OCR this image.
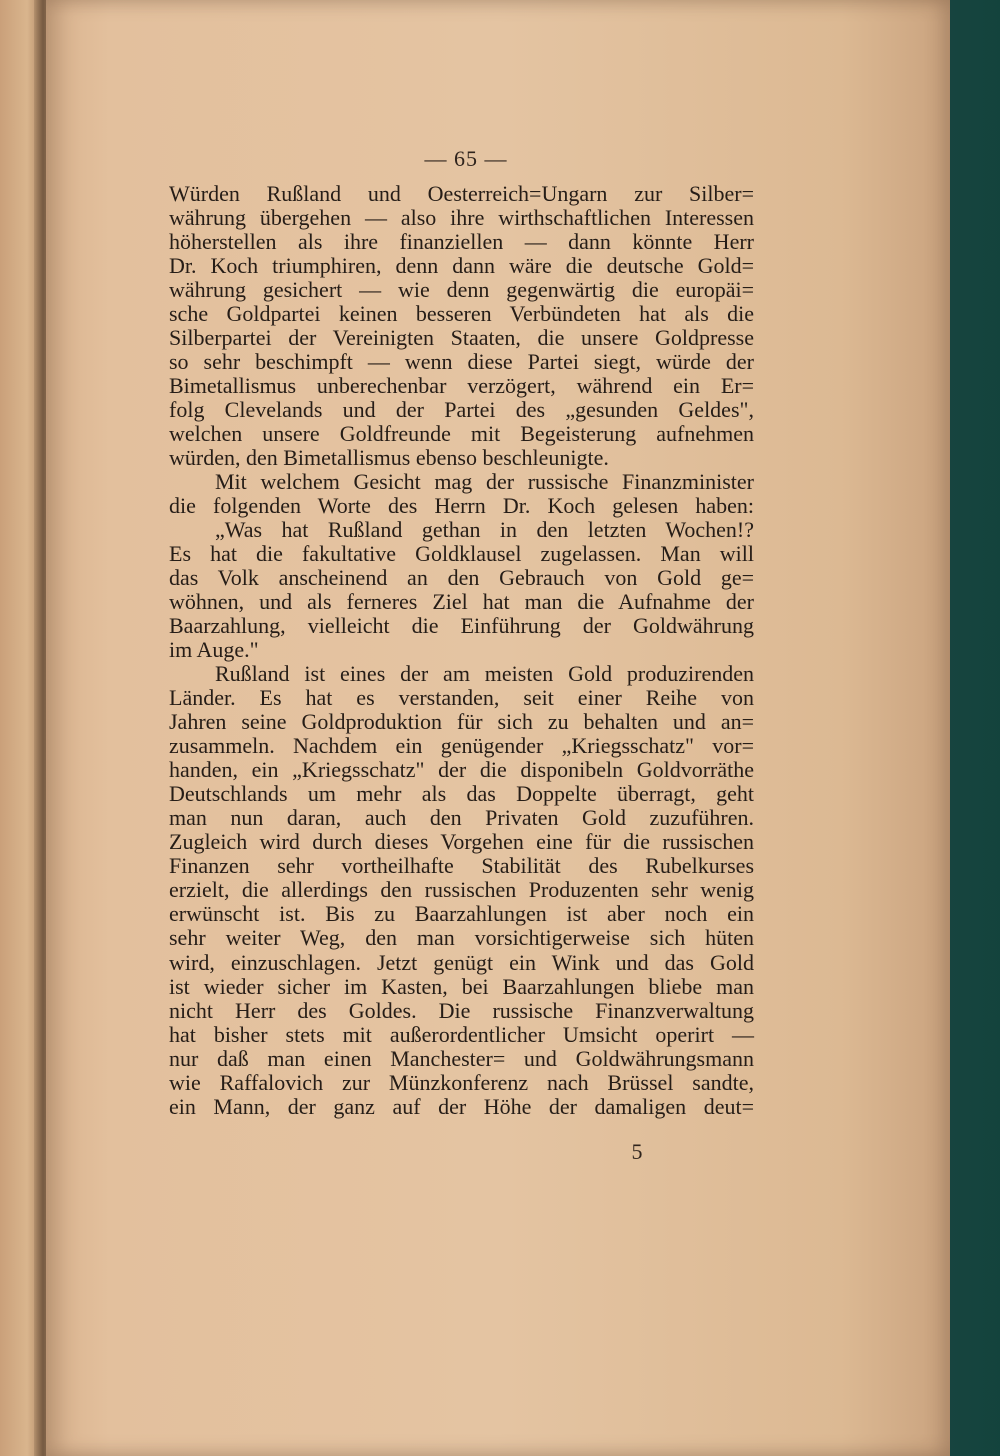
— 65 —
Würden Rußland und Oesterreich=Ungarn zur Silber=
währung übergehen — also ihre wirthschaftlichen Interessen
höherstellen als ihre finanziellen — dann könnte Herr
Dr. Koch triumphiren, denn dann wäre die deutsche Gold=
währung gesichert — wie denn gegenwärtig die europäi=
sche Goldpartei keinen besseren Verbündeten hat als die
Silberpartei der Vereinigten Staaten, die unsere Goldpresse
so sehr beschimpft — wenn diese Partei siegt, würde der
Bimetallismus unberechenbar verzögert, während ein Er=
folg Clevelands und der Partei des „gesunden Geldes",
welchen unsere Goldfreunde mit Begeisterung aufnehmen
würden, den Bimetallismus ebenso beschleunigte.
Mit welchem Gesicht mag der russische Finanzminister
die folgenden Worte des Herrn Dr. Koch gelesen haben:
„Was hat Rußland gethan in den letzten Wochen!?
Es hat die fakultative Goldklausel zugelassen. Man will
das Volk anscheinend an den Gebrauch von Gold ge=
wöhnen, und als ferneres Ziel hat man die Aufnahme der
Baarzahlung, vielleicht die Einführung der Goldwährung
im Auge."
Rußland ist eines der am meisten Gold produzirenden
Länder. Es hat es verstanden, seit einer Reihe von
Jahren seine Goldproduktion für sich zu behalten und an=
zusammeln. Nachdem ein genügender „Kriegsschatz" vor=
handen, ein „Kriegsschatz" der die disponibeln Goldvorräthe
Deutschlands um mehr als das Doppelte überragt, geht
man nun daran, auch den Privaten Gold zuzuführen.
Zugleich wird durch dieses Vorgehen eine für die russischen
Finanzen sehr vortheilhafte Stabilität des Rubelkurses
erzielt, die allerdings den russischen Produzenten sehr wenig
erwünscht ist. Bis zu Baarzahlungen ist aber noch ein
sehr weiter Weg, den man vorsichtigerweise sich hüten
wird, einzuschlagen. Jetzt genügt ein Wink und das Gold
ist wieder sicher im Kasten, bei Baarzahlungen bliebe man
nicht Herr des Goldes. Die russische Finanzverwaltung
hat bisher stets mit außerordentlicher Umsicht operirt —
nur daß man einen Manchester= und Goldwährungsmann
wie Raffalovich zur Münzkonferenz nach Brüssel sandte,
ein Mann, der ganz auf der Höhe der damaligen deut=
5
